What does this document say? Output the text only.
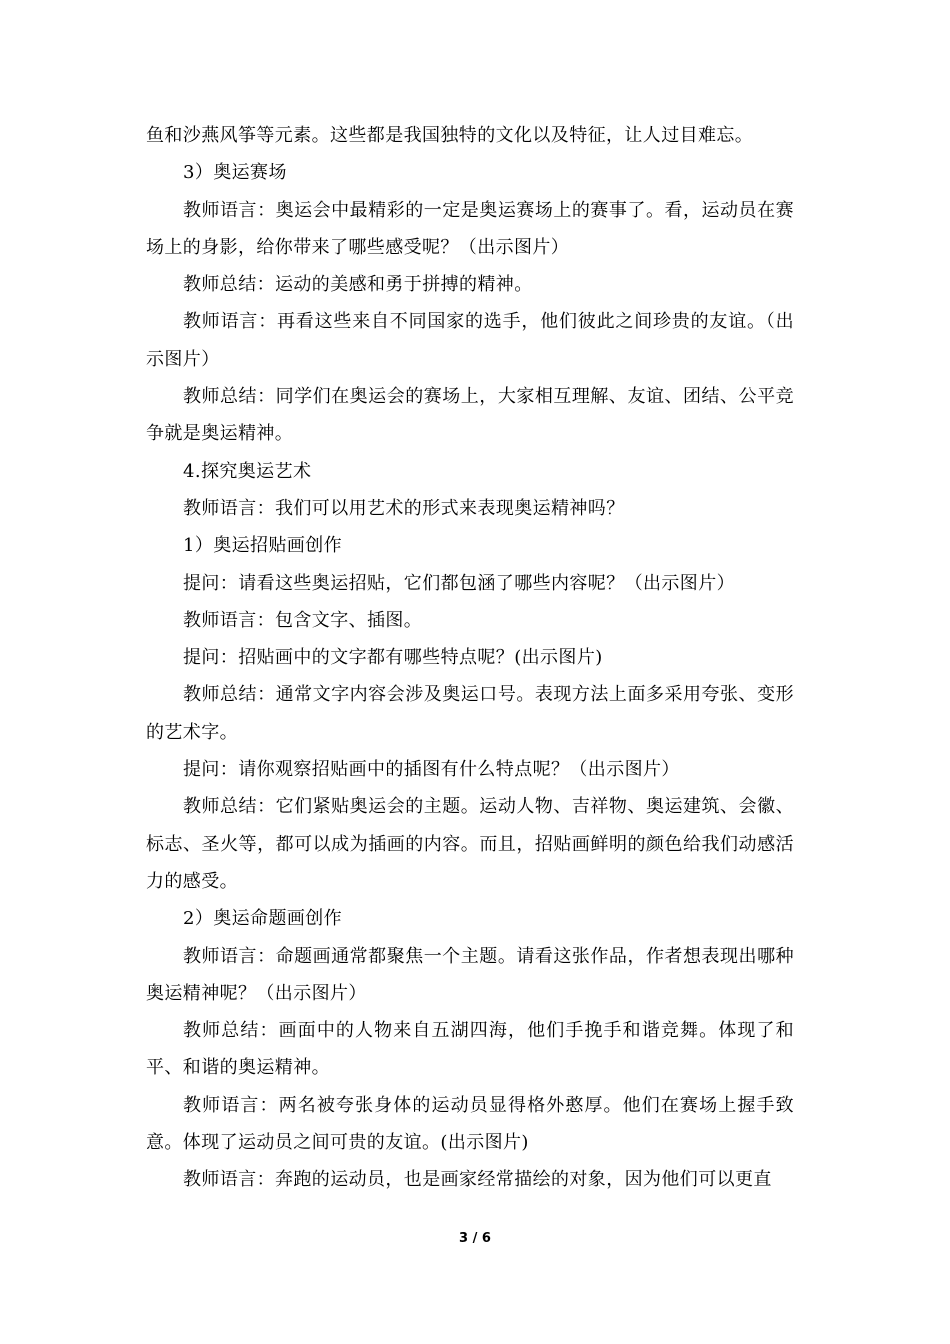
鱼和沙燕风筝等元素。这些都是我国独特的文化以及特征，让人过目难忘。

3）奥运赛场

教师语言：奥运会中最精彩的一定是奥运赛场上的赛事了。看，运动员在赛场上的身影，给你带来了哪些感受呢？（出示图片）

教师总结：运动的美感和勇于拼搏的精神。

教师语言：再看这些来自不同国家的选手，他们彼此之间珍贵的友谊。（出示图片）

教师总结：同学们在奥运会的赛场上，大家相互理解、友谊、团结、公平竞争就是奥运精神。

4.探究奥运艺术

教师语言：我们可以用艺术的形式来表现奥运精神吗？

1）奥运招贴画创作

提问：请看这些奥运招贴，它们都包涵了哪些内容呢？（出示图片）

教师语言：包含文字、插图。

提问：招贴画中的文字都有哪些特点呢？(出示图片)

教师总结：通常文字内容会涉及奥运口号。表现方法上面多采用夸张、变形的艺术字。

提问：请你观察招贴画中的插图有什么特点呢？（出示图片）

教师总结：它们紧贴奥运会的主题。运动人物、吉祥物、奥运建筑、会徽、标志、圣火等，都可以成为插画的内容。而且，招贴画鲜明的颜色给我们动感活力的感受。

2）奥运命题画创作

教师语言：命题画通常都聚焦一个主题。请看这张作品，作者想表现出哪种奥运精神呢？（出示图片）

教师总结：画面中的人物来自五湖四海，他们手挽手和谐竞舞。体现了和平、和谐的奥运精神。

教师语言：两名被夸张身体的运动员显得格外憨厚。他们在赛场上握手致意。体现了运动员之间可贵的友谊。(出示图片)

教师语言：奔跑的运动员，也是画家经常描绘的对象，因为他们可以更直

3 / 6
